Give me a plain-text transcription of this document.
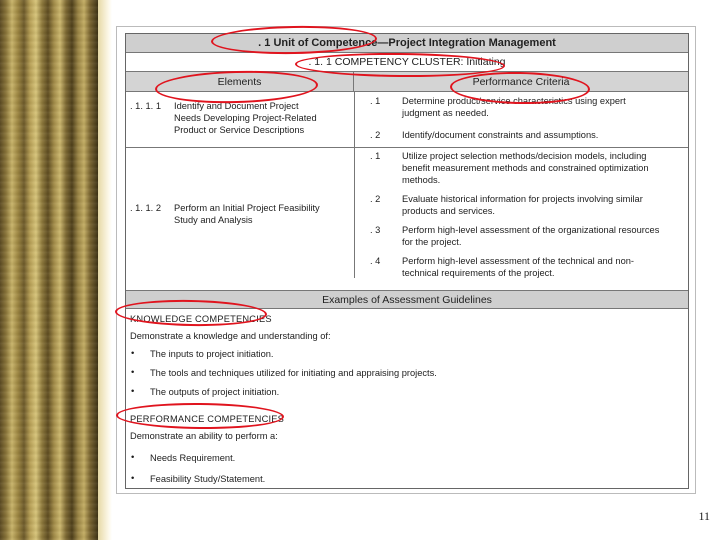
. 1 Unit of Competence—Project Integration Management
. 1. 1 COMPETENCY CLUSTER: Initiating
Elements	Performance Criteria
. 1. 1. 1 Identify and Document Project
Needs Developing Project-Related
Product or Service Descriptions
. 1 Determine product/service characteristics using expert
judgment as needed.
. 2 Identify/document constraints and assumptions.
. 1. 1. 2 Perform an Initial Project Feasibility
Study and Analysis
. 1 Utilize project selection methods/decision models, including
benefit measurement methods and constrained optimization
methods.
. 2 Evaluate historical information for projects involving similar
products and services.
. 3 Perform high-level assessment of the organizational resources
for the project.
. 4 Perform high-level assessment of the technical and non-
technical requirements of the project.
Examples of Assessment Guidelines
KNOWLEDGE COMPETENCIES
Demonstrate a knowledge and understanding of:
• The inputs to project initiation.
• The tools and techniques utilized for initiating and appraising projects.
• The outputs of project initiation.
PERFORMANCE COMPETENCIES
Demonstrate an ability to perform a:
• Needs Requirement.
• Feasibility Study/Statement.
11
